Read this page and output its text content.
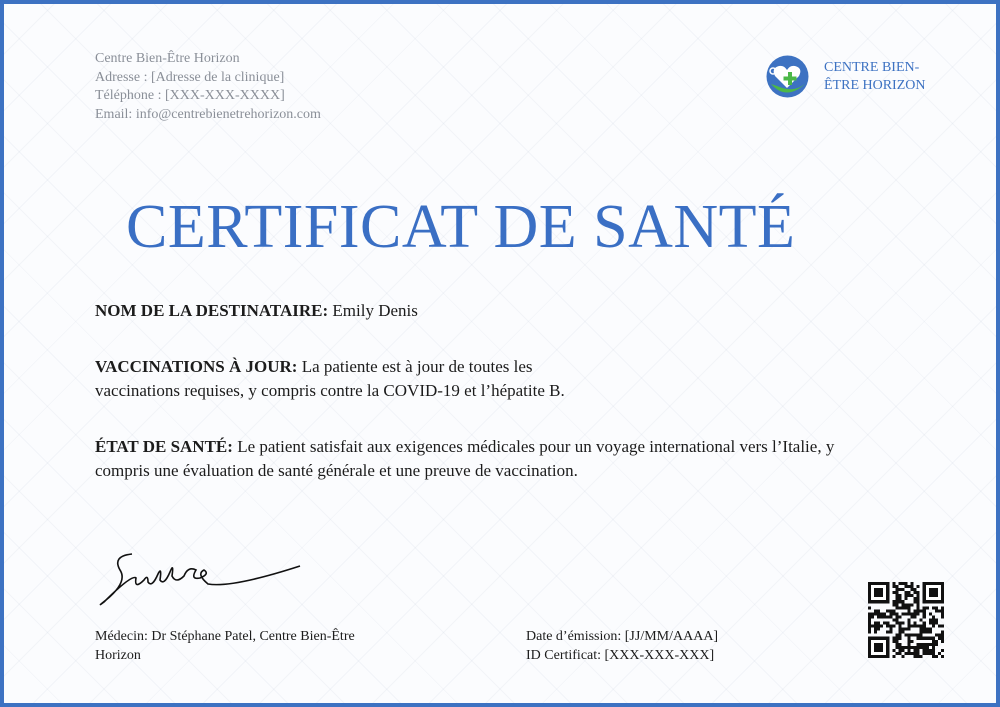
Centre Bien-Être Horizon
Adresse : [Adresse de la clinique]
Téléphone : [XXX-XXX-XXXX]
Email: info@centrebienetrehorizon.com
CENTRE BIEN-
ÊTRE HORIZON
CERTIFICAT DE SANTÉ
NOM DE LA DESTINATAIRE: Emily Denis
VACCINATIONS À JOUR: La patiente est à jour de toutes les vaccinations requises, y compris contre la COVID-19 et l’hépatite B.
ÉTAT DE SANTÉ: Le patient satisfait aux exigences médicales pour un voyage international vers l’Italie, y compris une évaluation de santé générale et une preuve de vaccination.
Médecin: Dr Stéphane Patel, Centre Bien-Être Horizon
Date d’émission: [JJ/MM/AAAA]
ID Certificat: [XXX-XXX-XXX]
